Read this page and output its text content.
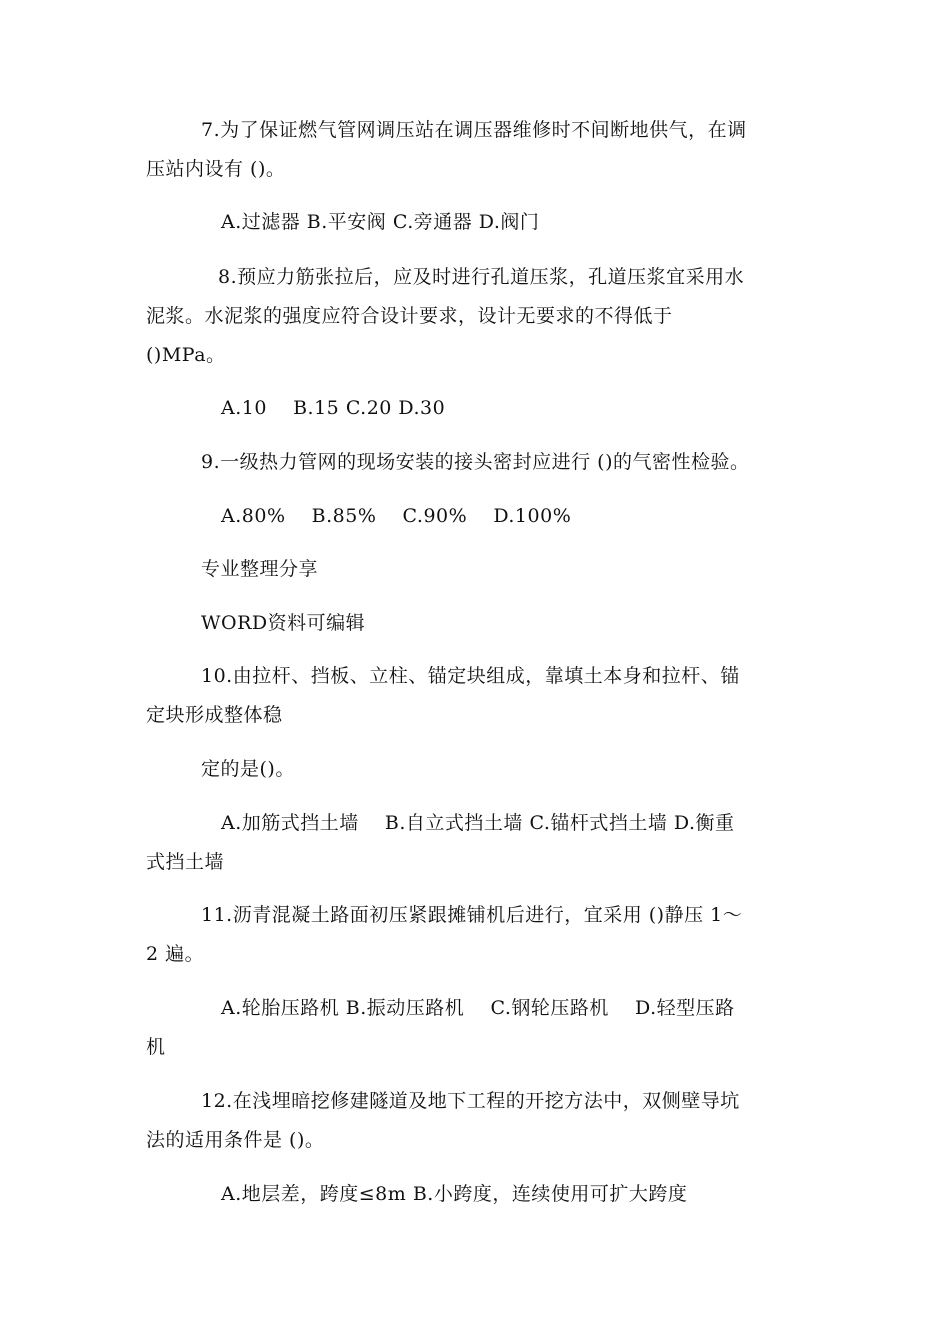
7.为了保证燃气管网调压站在调压器维修时不间断地供气，在调
压站内设有 ()。
A.过滤器 B.平安阀 C.旁通器 D.阀门
8.预应力筋张拉后，应及时进行孔道压浆，孔道压浆宜采用水
泥浆。水泥浆的强度应符合设计要求，设计无要求的不得低于
()MPa。
A.10    B.15 C.20 D.30
9.一级热力管网的现场安装的接头密封应进行 ()的气密性检验。
A.80%    B.85%    C.90%    D.100%
专业整理分享
WORD资料可编辑
10.由拉杆、挡板、立柱、锚定块组成，靠填土本身和拉杆、锚
定块形成整体稳
定的是()。
A.加筋式挡土墙    B.自立式挡土墙 C.锚杆式挡土墙 D.衡重
式挡土墙
11.沥青混凝土路面初压紧跟摊铺机后进行，宜采用 ()静压 1～
2 遍。
A.轮胎压路机 B.振动压路机    C.钢轮压路机    D.轻型压路
机
12.在浅埋暗挖修建隧道及地下工程的开挖方法中，双侧壁导坑
法的适用条件是 ()。
A.地层差，跨度≤8m B.小跨度，连续使用可扩大跨度
